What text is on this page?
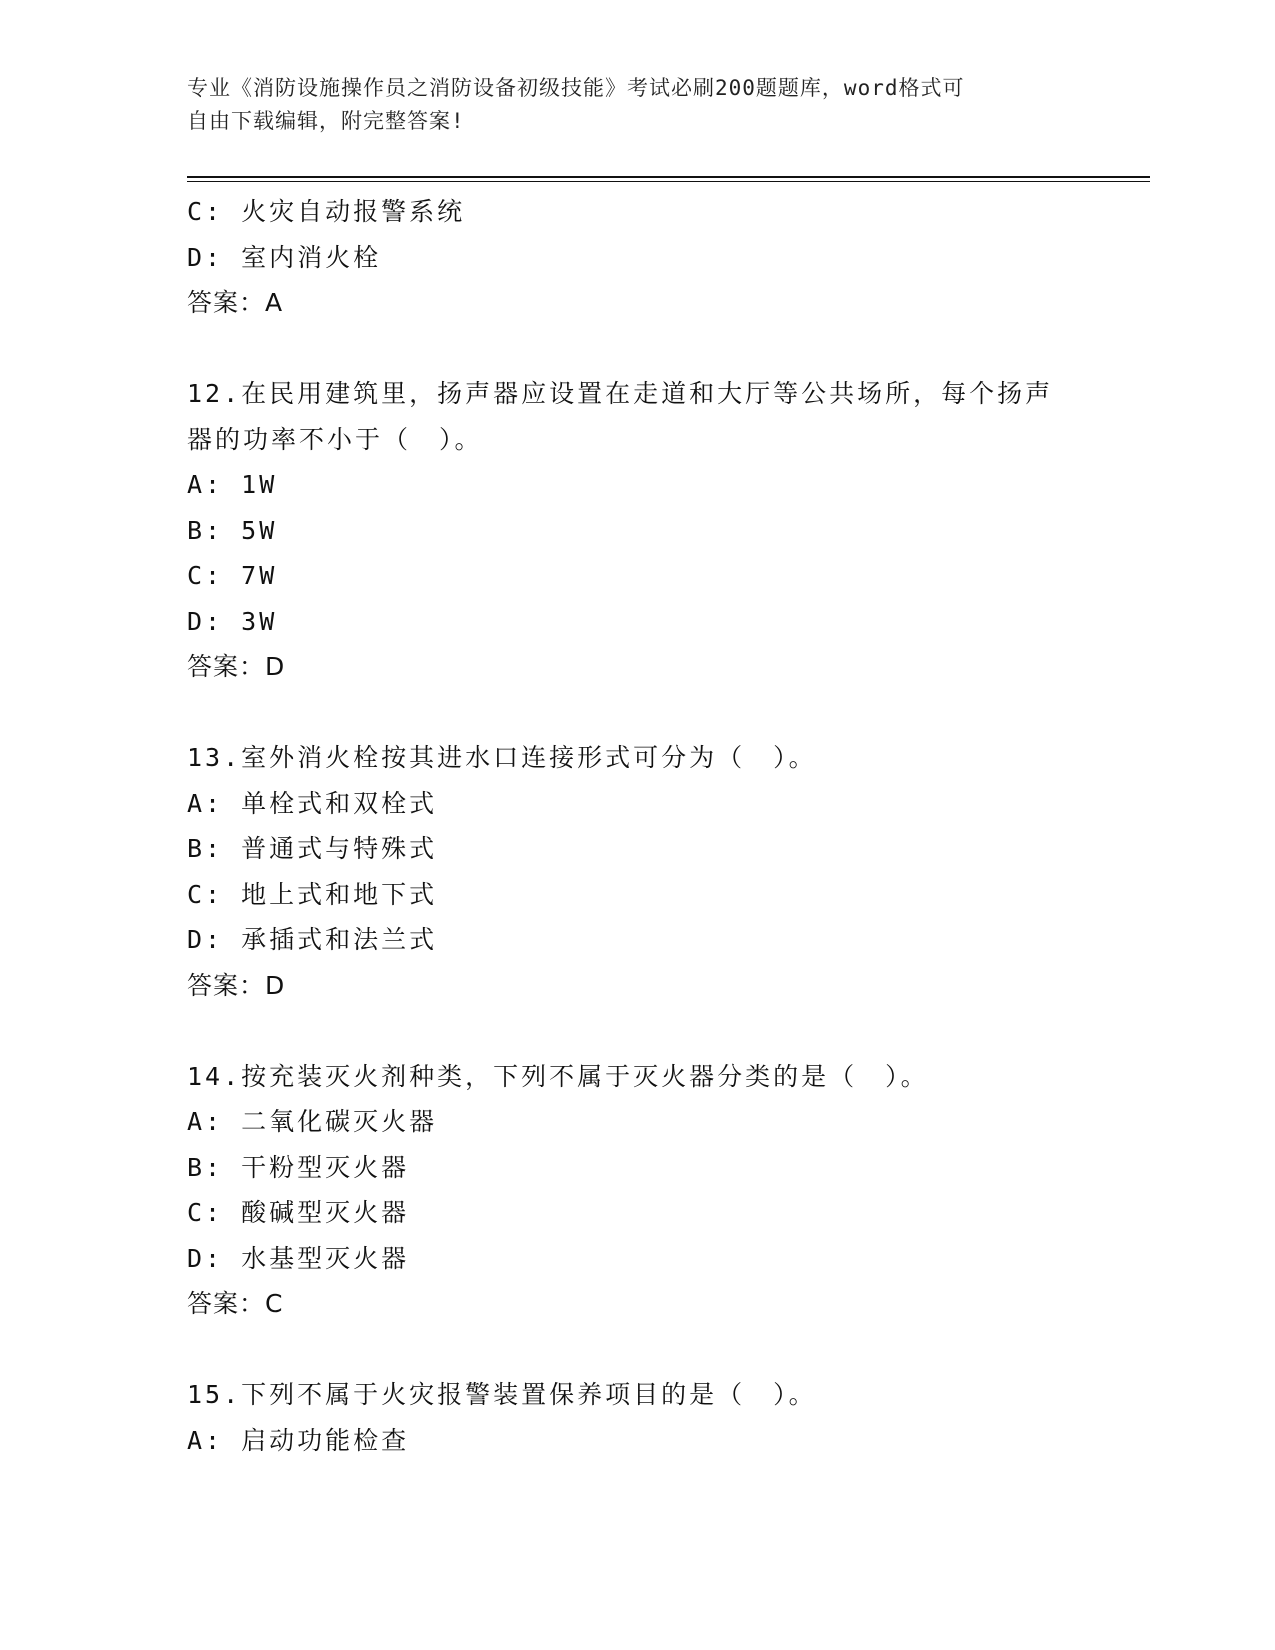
专业《消防设施操作员之消防设备初级技能》考试必刷200题题库，word格式可
自由下载编辑，附完整答案!
C: 火灾自动报警系统
D: 室内消火栓
答案：A
12.在民用建筑里，扬声器应设置在走道和大厅等公共场所，每个扬声
器的功率不小于（　）。
A: 1W
B: 5W
C: 7W
D: 3W
答案：D
13.室外消火栓按其进水口连接形式可分为（　）。
A: 单栓式和双栓式
B: 普通式与特殊式
C: 地上式和地下式
D: 承插式和法兰式
答案：D
14.按充装灭火剂种类，下列不属于灭火器分类的是（　）。
A: 二氧化碳灭火器
B: 干粉型灭火器
C: 酸碱型灭火器
D: 水基型灭火器
答案：C
15.下列不属于火灾报警装置保养项目的是（　）。
A: 启动功能检查
